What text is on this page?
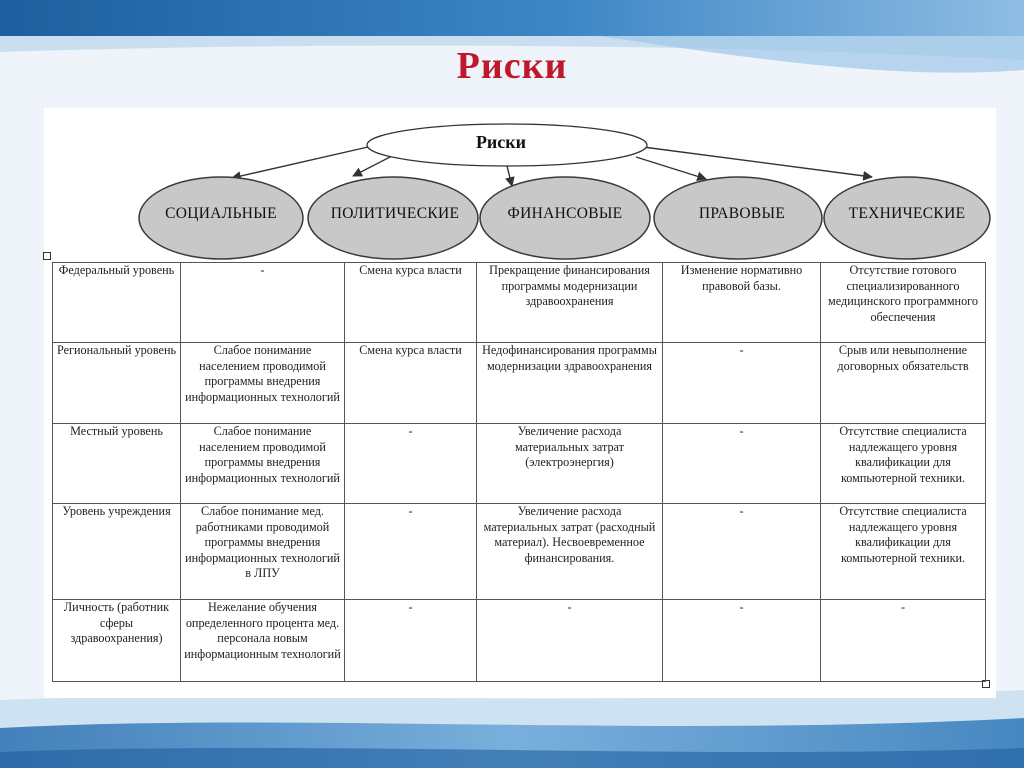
Риски
Риски
СОЦИАЛЬНЫЕ	ПОЛИТИЧЕСКИЕ	ФИНАНСОВЫЕ	ПРАВОВЫЕ	ТЕХНИЧЕСКИЕ
Федеральный уровень	-	Смена курса власти	Прекращение финансирования программы модернизации здравоохранения	Изменение нормативно правовой базы.	Отсутствие готового специализированного медицинского программного обеспечения
Региональный уровень	Слабое понимание населением проводимой программы внедрения информационных технологий	Смена курса власти	Недофинансирования программы модернизации здравоохранения	-	Срыв или невыполнение договорных обязательств
Местный уровень	Слабое понимание населением проводимой программы внедрения информационных технологий	-	Увеличение расхода материальных затрат (электроэнергия)	-	Отсутствие специалиста надлежащего уровня квалификации для компьютерной техники.
Уровень учреждения	Слабое понимание мед. работниками проводимой программы внедрения информационных технологий в ЛПУ	-	Увеличение расхода материальных затрат (расходный материал). Несвоевременное финансирования.	-	Отсутствие специалиста надлежащего уровня квалификации для компьютерной техники.
Личность (работник сферы здравоохранения)	Нежелание обучения определенного процента мед. персонала новым информационным технологий	-	-	-	-
